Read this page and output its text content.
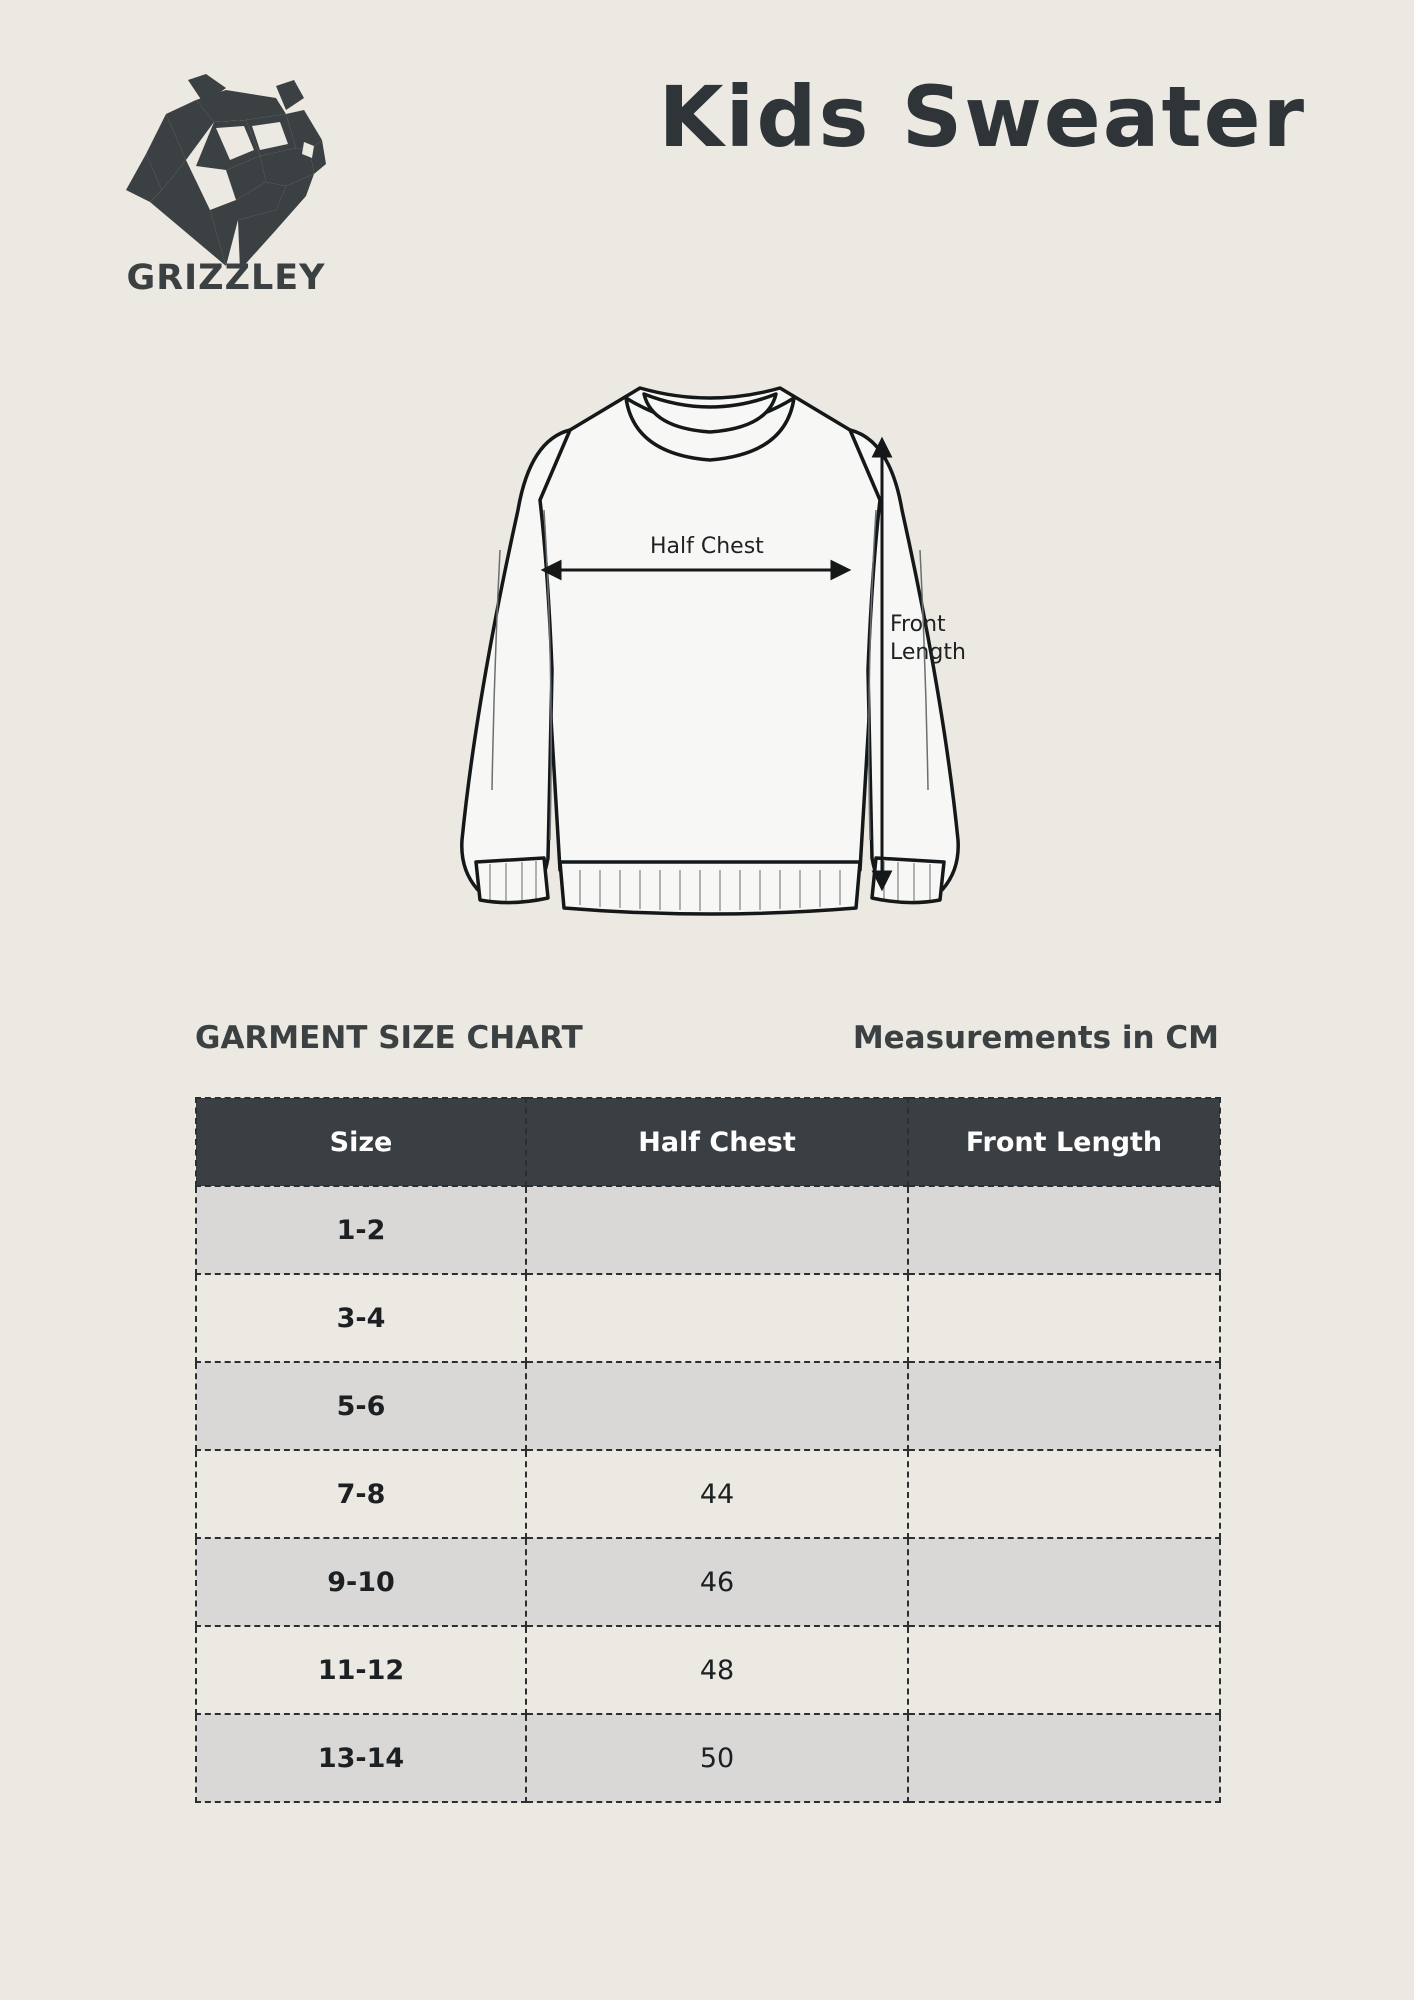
GRIZZLEY
Kids Sweater
Half Chest
Front
Length
GARMENT SIZE CHART	Measurements in CM
Size	Half Chest	Front Length
1-2		
3-4		
5-6		
7-8	44	
9-10	46	
11-12	48	
13-14	50	
